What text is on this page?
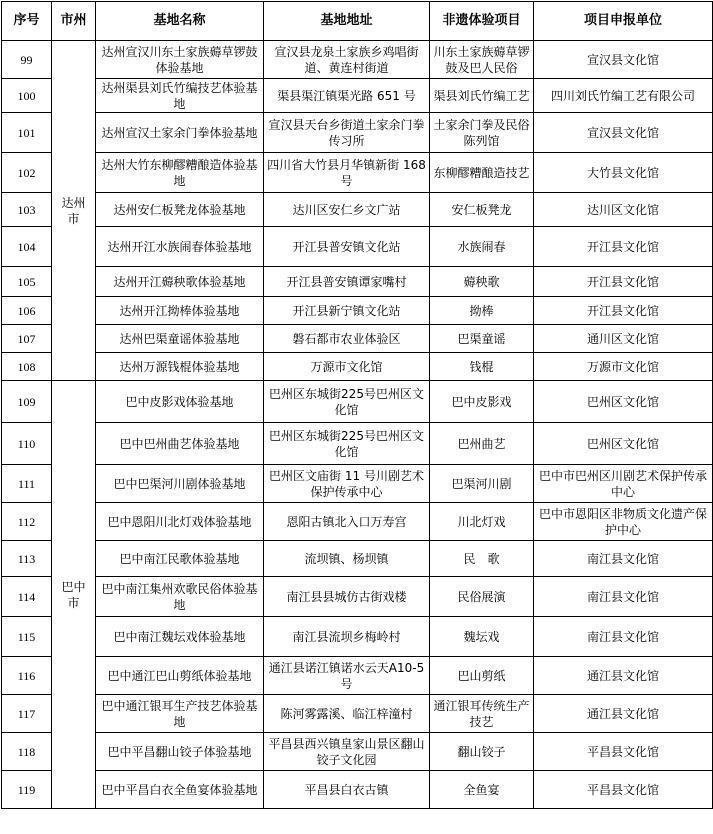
序号	市州	基地名称	基地地址	非遗体验项目	项目申报单位
99	达州市	达州宣汉川东土家族薅草锣鼓体验基地	宣汉县龙泉土家族乡鸡唱街道、黄连村街道	川东土家族薅草锣鼓及巴人民俗	宣汉县文化馆
100		达州渠县刘氏竹编技艺体验基地	渠县渠江镇渠光路 651 号	渠县刘氏竹编工艺	四川刘氏竹编工艺有限公司
101		达州宣汉土家余门拳体验基地	宣汉县天台乡街道土家余门拳传习所	土家余门拳及民俗陈列馆	宣汉县文化馆
102		达州大竹东柳醪糟酿造体验基地	四川省大竹县月华镇新街 168 号	东柳醪糟酿造技艺	大竹县文化馆
103		达州安仁板凳龙体验基地	达川区安仁乡文广站	安仁板凳龙	达川区文化馆
104		达州开江水族闹春体验基地	开江县普安镇文化站	水族闹春	开江县文化馆
105		达州开江薅秧歌体验基地	开江县普安镇谭家嘴村	薅秧歌	开江县文化馆
106		达州开江拗棒体验基地	开江县新宁镇文化站	拗棒	开江县文化馆
107		达州巴渠童谣体验基地	磐石都市农业体验区	巴渠童谣	通川区文化馆
108		达州万源钱棍体验基地	万源市文化馆	钱棍	万源市文化馆
109	巴中市	巴中皮影戏体验基地	巴州区东城街225号巴州区文化馆	巴中皮影戏	巴州区文化馆
110		巴中巴州曲艺体验基地	巴州区东城街225号巴州区文化馆	巴州曲艺	巴州区文化馆
111		巴中巴渠河川剧体验基地	巴州区文庙街 11 号川剧艺术保护传承中心	巴渠河川剧	巴中市巴州区川剧艺术保护传承中心
112		巴中恩阳川北灯戏体验基地	恩阳古镇北入口万寿宫	川北灯戏	巴中市恩阳区非物质文化遗产保护中心
113		巴中南江民歌体验基地	流坝镇、杨坝镇	民　歌	南江县文化馆
114		巴中南江集州欢歌民俗体验基地	南江县县城仿古街戏楼	民俗展演	南江县文化馆
115		巴中南江魏坛戏体验基地	南江县流坝乡梅岭村	魏坛戏	南江县文化馆
116		巴中通江巴山剪纸体验基地	通江县诺江镇诺水云天A10-5 号	巴山剪纸	通江县文化馆
117		巴中通江银耳生产技艺体验基地	陈河雾露溪、临江梓潼村	通江银耳传统生产技艺	通江县文化馆
118		巴中平昌翻山铰子体验基地	平昌县西兴镇皇家山景区翻山铰子文化园	翻山铰子	平昌县文化馆
119		巴中平昌白衣全鱼宴体验基地	平昌县白衣古镇	全鱼宴	平昌县文化馆
